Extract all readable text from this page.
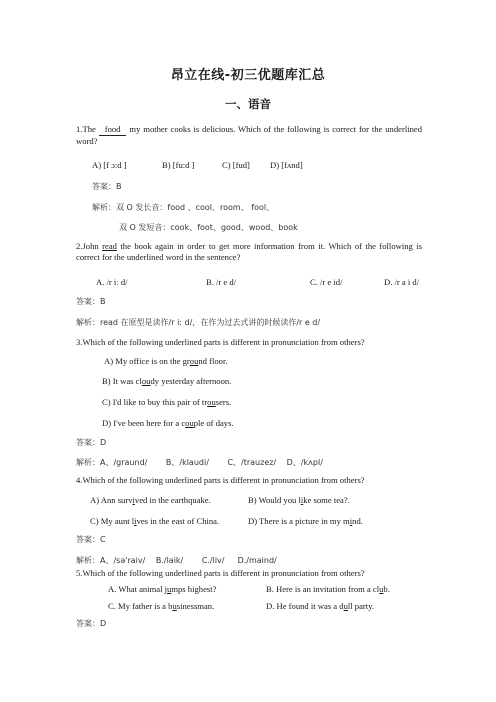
昂立在线-初三优题库汇总
一、语音
1.The food my mother cooks is delicious. Which of the following is correct for the underlined word?
A) [f ɔ:d ]	B) [fu:d ]	C) [fud] D) [fʌnd]
答案：B
解析：双 O 发长音：food 、cool、room、 fool、
双 O 发短音：cook、foot、good、wood、book
2.John read the book again in order to get more information from it. Which of the following is correct for the underlined word in the sentence?
A. /r iː d/	B. /r e d/	C. /r e id/	D. /r a i d/
答案：B
解析：read 在原型是读作/r iː d/，在作为过去式讲的时候读作/r e d/
3.Which of the following underlined parts is different in pronunciation from others?
A) My office is on the ground floor.
B) It was cloudy yesterday afternoon.
C) I'd like to buy this pair of trousers.
D) I've been here for a couple of days.
答案：D
解析：A、/graund/ 　　B、/klaudi/ 　　C、/trauzez/ 　D、/kʌpl/
4.Which of the following underlined parts is different in pronunciation from others?
A) Ann survived in the earthquake.	B) Would you like some tea?.
C) My aunt lives in the east of China.	D) There is a picture in my mind.
答案：C
解析：A、/sə'raiv/ 　B./laik/ 　　C./liv/ 　 D./maind/
5.Which of the following underlined parts is different in pronunciation from others?
A. What animal jumps highest?	B. Here is an invitation from a club.
C. My father is a businessman.	D. He found it was a dull party.
答案：D
